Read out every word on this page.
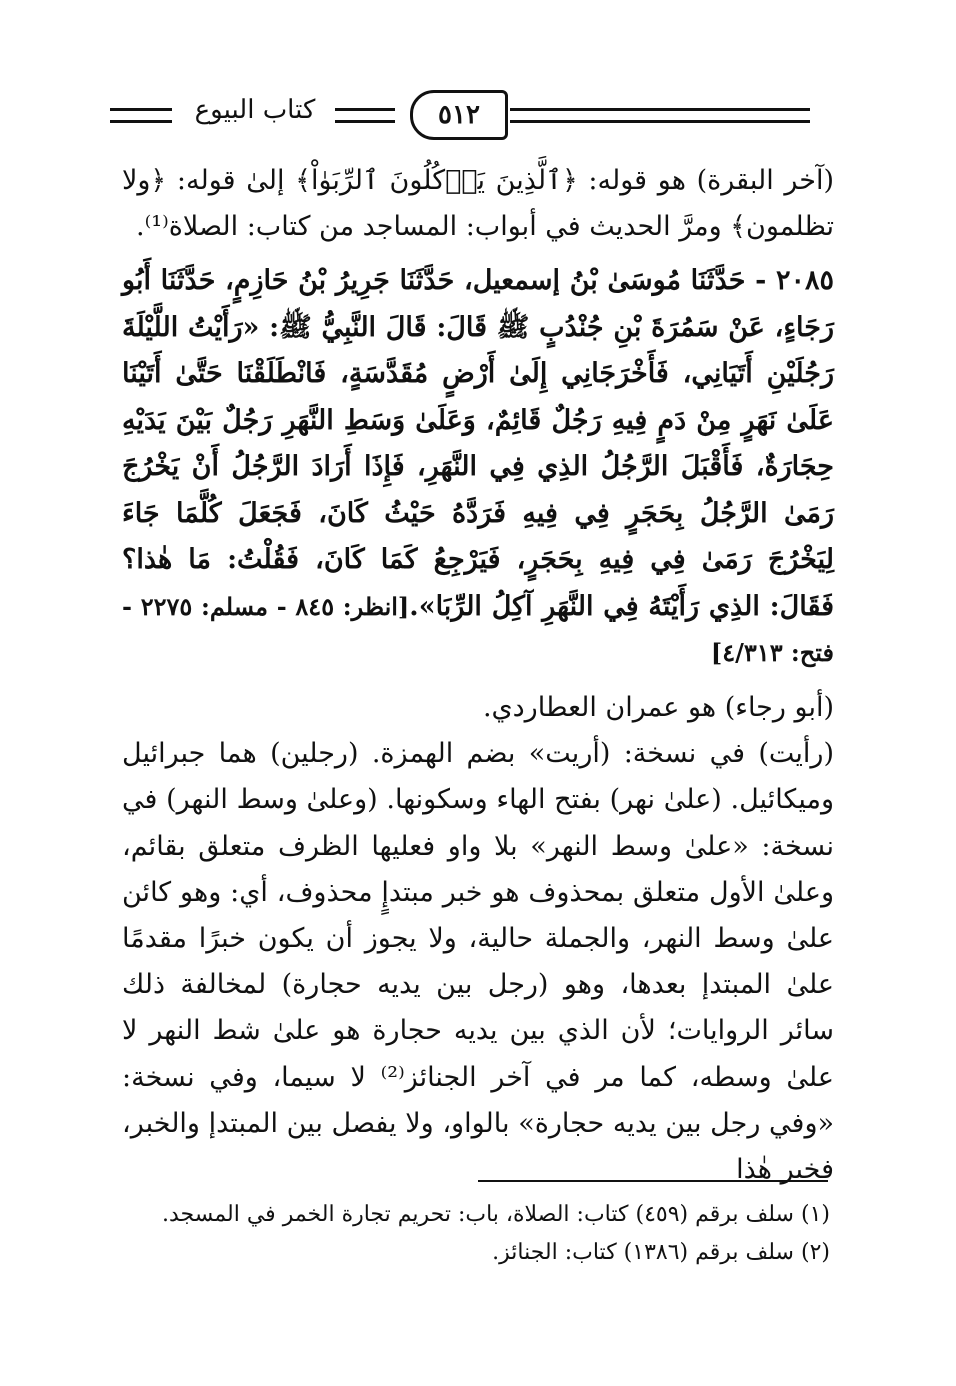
كتاب البيوع	٥١٢

(آخر البقرة) هو قوله: ﴿ٱلَّذِينَ يَأۡكُلُونَ ٱلرِّبَوٰاْ﴾ إلىٰ قوله: ﴿ولا تظلمون﴾ ومرَّ الحديث في أبواب: المساجد من كتاب: الصلاة⁽¹⁾.

٢٠٨٥ - حَدَّثَنَا مُوسَىٰ بْنُ إسمعيل، حَدَّثَنَا جَرِيرُ بْنُ حَازِمٍ، حَدَّثَنَا أَبُو رَجَاءٍ، عَنْ سَمُرَةَ بْنِ جُنْدُبٍ ﷺ قَالَ: قَالَ النَّبِيُّ ﷺ: «رَأَيْتُ اللَّيْلَةَ رَجُلَيْنِ أَتَيَانِي، فَأَخْرَجَانِي إِلَىٰ أَرْضٍ مُقَدَّسَةٍ، فَانْطَلَقْنَا حَتَّىٰ أَتَيْنَا عَلَىٰ نَهَرٍ مِنْ دَمٍ فِيهِ رَجُلٌ قَائِمٌ، وَعَلَىٰ وَسَطِ النَّهَرِ رَجُلٌ بَيْنَ يَدَيْهِ حِجَارَةٌ، فَأَقْبَلَ الرَّجُلُ الذِي فِي النَّهَرِ، فَإِذَا أَرَادَ الرَّجُلُ أَنْ يَخْرُجَ رَمَىٰ الرَّجُلُ بِحَجَرٍ فِي فِيهِ فَرَدَّهُ حَيْثُ كَانَ، فَجَعَلَ كُلَّمَا جَاءَ لِيَخْرُجَ رَمَىٰ فِي فِيهِ بِحَجَرٍ، فَيَرْجِعُ كَمَا كَانَ، فَقُلْتُ: مَا هٰذا؟ فَقَالَ: الذِي رَأَيْتَهُ فِي النَّهَرِ آكِلُ الرِّبَا».[انظر: ٨٤٥ - مسلم: ٢٢٧٥ - فتح: ٤/٣١٣]

(أبو رجاء) هو عمران العطاردي.

(رأيت) في نسخة: (أريت» بضم الهمزة. (رجلين) هما جبرائيل وميكائيل. (علىٰ نهر) بفتح الهاء وسكونها. (وعلىٰ وسط النهر) في نسخة: «علىٰ وسط النهر» بلا واو فعليها الظرف متعلق بقائم، وعلىٰ الأول متعلق بمحذوف هو خبر مبتدإٍ محذوف، أي: وهو كائن علىٰ وسط النهر، والجملة حالية، ولا يجوز أن يكون خبرًا مقدمًا علىٰ المبتدإ بعدها، وهو (رجل بين يديه حجارة) لمخالفة ذلك سائر الروايات؛ لأن الذي بين يديه حجارة هو علىٰ شط النهر لا علىٰ وسطه، كما مر في آخر الجنائز⁽²⁾ لا سيما، وفي نسخة: «وفي رجل بين يديه حجارة» بالواو، ولا يفصل بين المبتدإ والخبر، فخبر هٰذا

(١) سلف برقم (٤٥٩) كتاب: الصلاة، باب: تحريم تجارة الخمر في المسجد.

(٢) سلف برقم (١٣٨٦) كتاب: الجنائز.
